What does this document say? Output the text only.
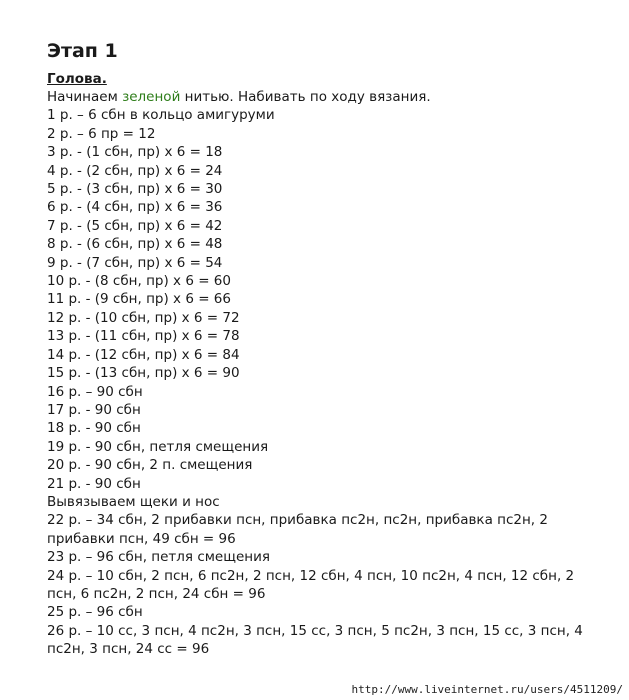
Этап 1
Голова.
Начинаем зеленой нитью. Набивать по ходу вязания.
1 р. – 6 сбн в кольцо амигуруми
2 р. – 6 пр = 12
3 р. - (1 сбн, пр) х 6 = 18
4 р. - (2 сбн, пр) х 6 = 24
5 р. - (3 сбн, пр) х 6 = 30
6 р. - (4 сбн, пр) х 6 = 36
7 р. - (5 сбн, пр) х 6 = 42
8 р. - (6 сбн, пр) х 6 = 48
9 р. - (7 сбн, пр) х 6 = 54
10 р. - (8 сбн, пр) х 6 = 60
11 р. - (9 сбн, пр) х 6 = 66
12 р. - (10 сбн, пр) х 6 = 72
13 р. - (11 сбн, пр) х 6 = 78
14 р. - (12 сбн, пр) х 6 = 84
15 р. - (13 сбн, пр) х 6 = 90
16 р. – 90 сбн
17 р. - 90 сбн
18 р. - 90 сбн
19 р. - 90 сбн, петля смещения
20 р. - 90 сбн, 2 п. смещения
21 р. - 90 сбн
Вывязываем щеки и нос
22 р. – 34 сбн, 2 прибавки псн, прибавка пс2н, пс2н, прибавка пс2н, 2
прибавки псн, 49 сбн = 96
23 р. – 96 сбн, петля смещения
24 р. – 10 сбн, 2 псн, 6 пс2н, 2 псн, 12 сбн, 4 псн, 10 пс2н, 4 псн, 12 сбн, 2
псн, 6 пс2н, 2 псн, 24 сбн = 96
25 р. – 96 сбн
26 р. – 10 сс, 3 псн, 4 пс2н, 3 псн, 15 сс, 3 псн, 5 пс2н, 3 псн, 15 сс, 3 псн, 4
пс2н, 3 псн, 24 сс = 96
http://www.liveinternet.ru/users/4511209/
